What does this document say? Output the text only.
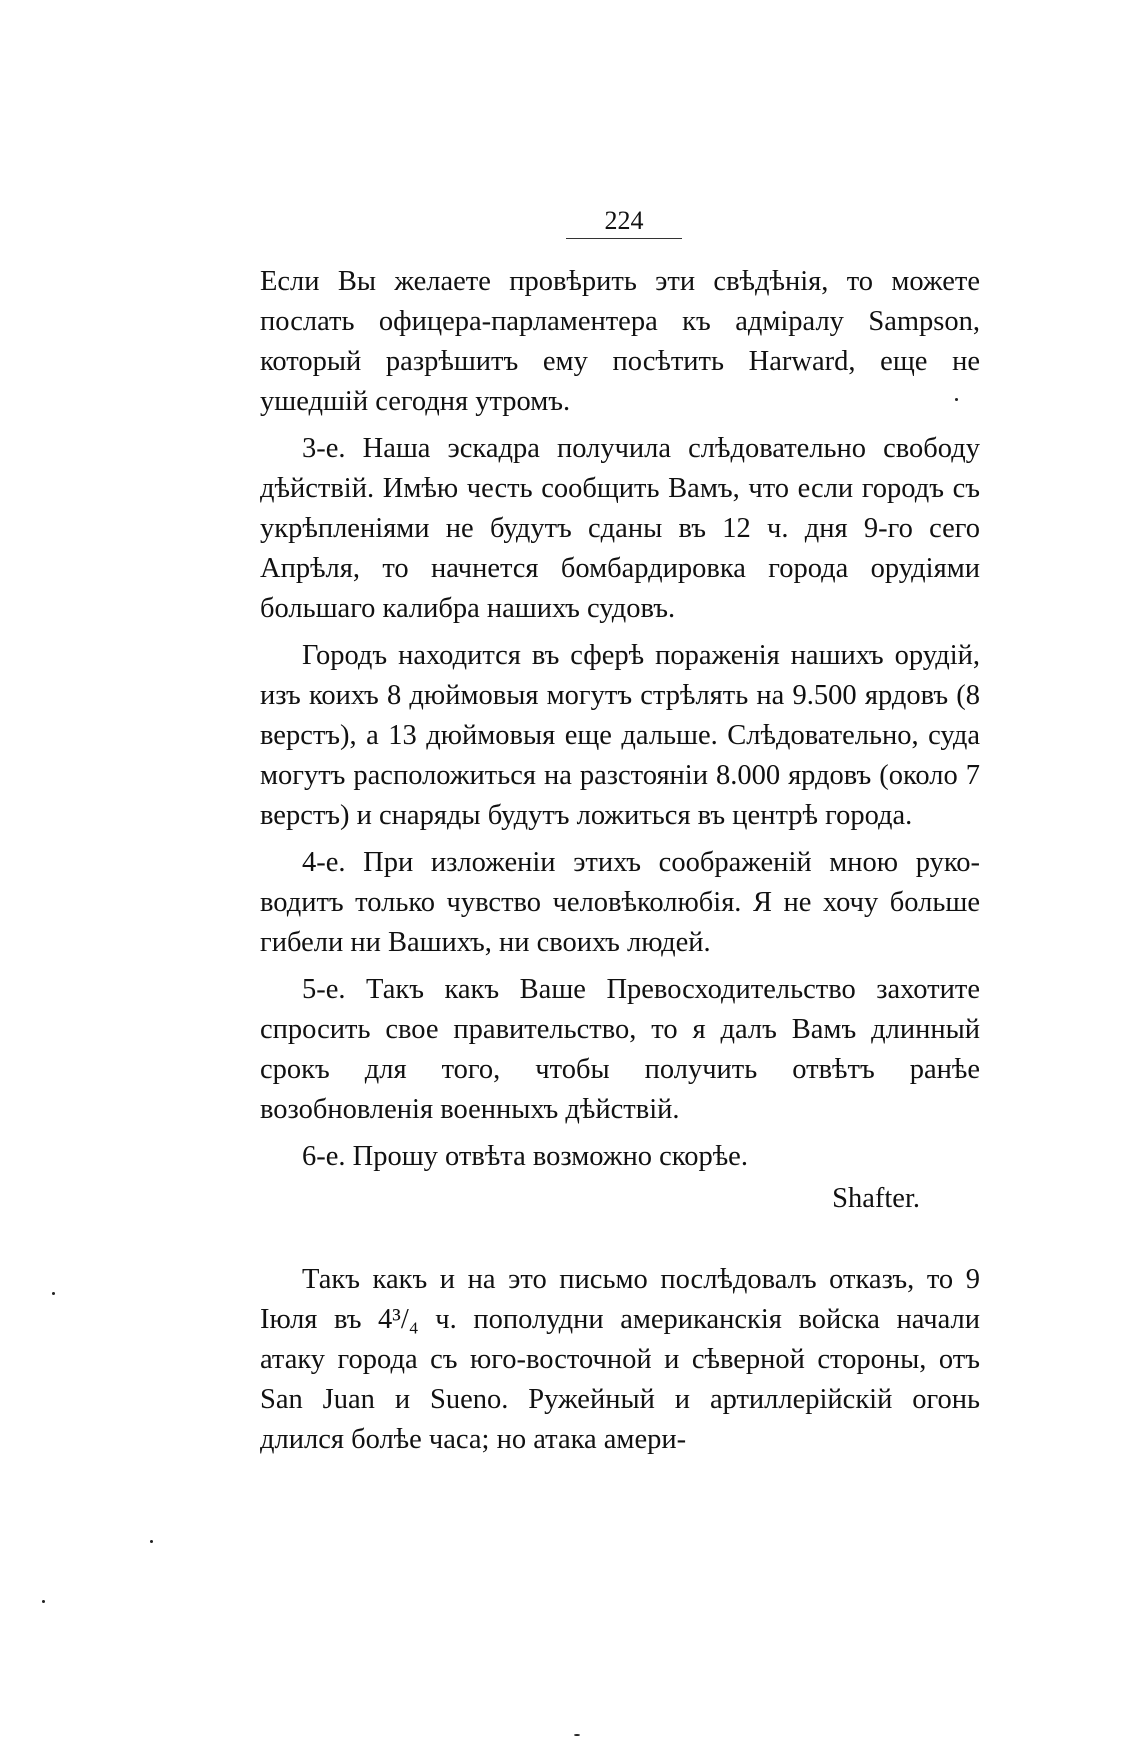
224

Если Вы желаете провѣрить эти свѣдѣнія, то можете послать офицера-парламентера къ адміралу Sampson, который разрѣшитъ ему посѣтить Harward, еще не ушедшій сегодня утромъ.

3-е. Наша эскадра получила слѣдовательно свободу дѣйствій. Имѣю честь сообщить Вамъ, что если городъ съ укрѣпленіями не будутъ сданы въ 12 ч. дня 9-го сего Апрѣля, то начнется бомбардировка города орудіями большаго калибра нашихъ судовъ.

Городъ находится въ сферѣ пораженія нашихъ орудій, изъ коихъ 8 дюймовыя могутъ стрѣлять на 9.500 ярдовъ (8 верстъ), а 13 дюймовыя еще дальше. Слѣдовательно, суда могутъ расположиться на разстояніи 8.000 ярдовъ (около 7 верстъ) и снаряды будутъ ложиться въ центрѣ города.

4-е. При изложеніи этихъ соображеній мною руководитъ только чувство человѣколюбія. Я не хочу больше гибели ни Вашихъ, ни своихъ людей.

5-е. Такъ какъ Ваше Превосходительство захотите спросить свое правительство, то я далъ Вамъ длинный срокъ для того, чтобы получить отвѣтъ ранѣе возобновленія военныхъ дѣйствій.

6-е. Прошу отвѣта возможно скорѣе.

Shafter.

Такъ какъ и на это письмо послѣдовалъ отказъ, то 9 Іюля въ 4³/₄ ч. пополудни американскія войска начали атаку города съ юго-восточной и сѣверной стороны, отъ San Juan и Sueno. Ружейный и артиллерійскій огонь длился болѣе часа; но атака амери-
